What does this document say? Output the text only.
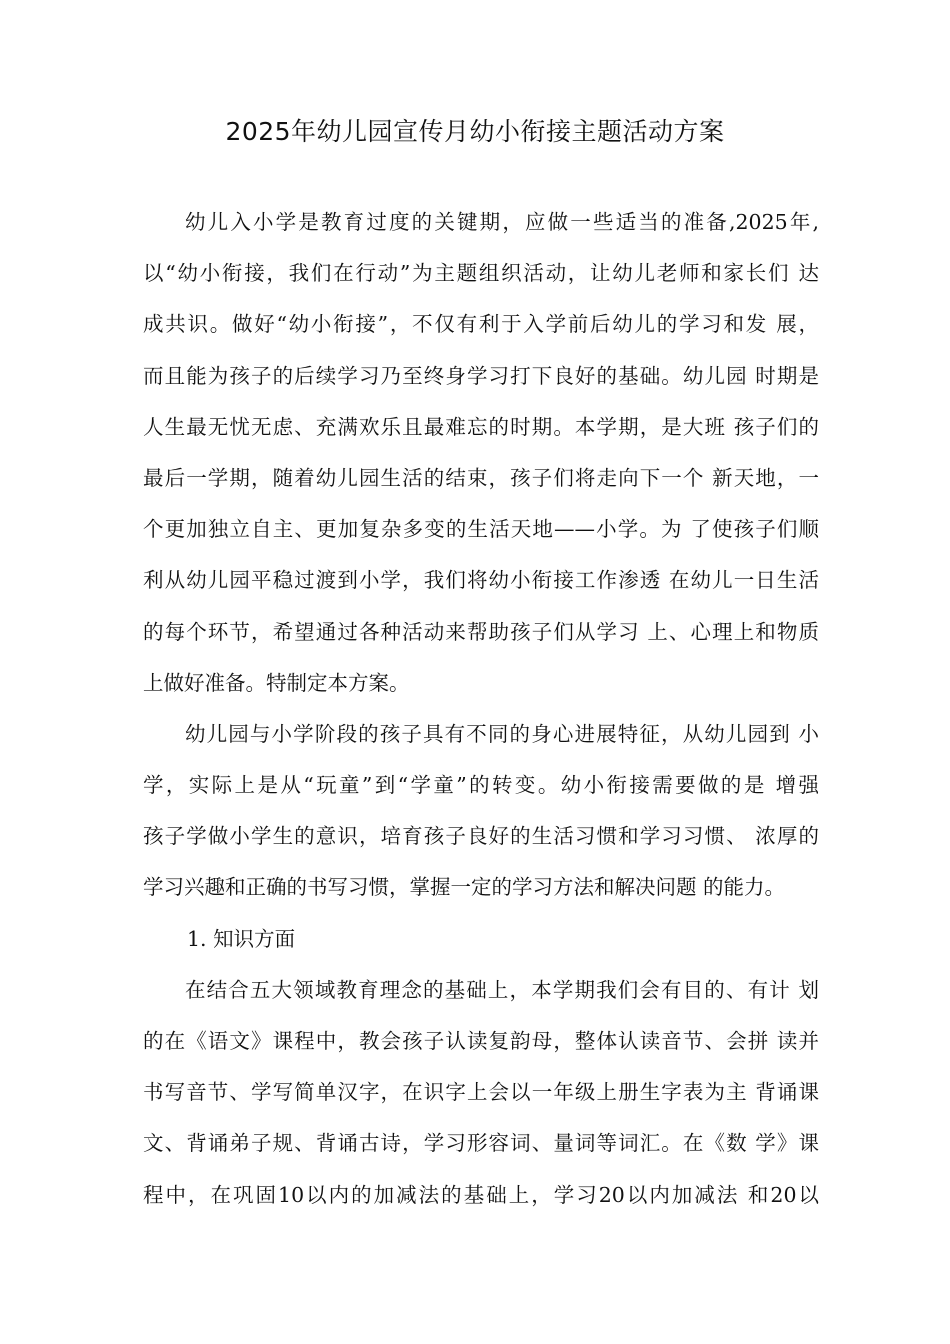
2025年幼儿园宣传月幼小衔接主题活动方案
幼儿入小学是教育过度的关键期，应做一些适当的准备,2025年,
以“幼小衔接，我们在行动”为主题组织活动，让幼儿老师和家长们 达
成共识。做好“幼小衔接”，不仅有利于入学前后幼儿的学习和发 展，
而且能为孩子的后续学习乃至终身学习打下良好的基础。幼儿园 时期是
人生最无忧无虑、充满欢乐且最难忘的时期。本学期，是大班 孩子们的
最后一学期，随着幼儿园生活的结束，孩子们将走向下一个 新天地，一
个更加独立自主、更加复杂多变的生活天地——小学。为 了使孩子们顺
利从幼儿园平稳过渡到小学，我们将幼小衔接工作渗透 在幼儿一日生活
的每个环节，希望通过各种活动来帮助孩子们从学习 上、心理上和物质
上做好准备。特制定本方案。
幼儿园与小学阶段的孩子具有不同的身心进展特征，从幼儿园到 小
学，实际上是从“玩童”到“学童”的转变。幼小衔接需要做的是 增强
孩子学做小学生的意识，培育孩子良好的生活习惯和学习习惯、 浓厚的
学习兴趣和正确的书写习惯，掌握一定的学习方法和解决问题 的能力。
1. 知识方面
在结合五大领域教育理念的基础上，本学期我们会有目的、有计 划
的在《语文》课程中，教会孩子认读复韵母，整体认读音节、会拼 读并
书写音节、学写简单汉字，在识字上会以一年级上册生字表为主 背诵课
文、背诵弟子规、背诵古诗，学习形容词、量词等词汇。在《数 学》课
程中，在巩固10以内的加减法的基础上，学习20以内加减法 和20以
